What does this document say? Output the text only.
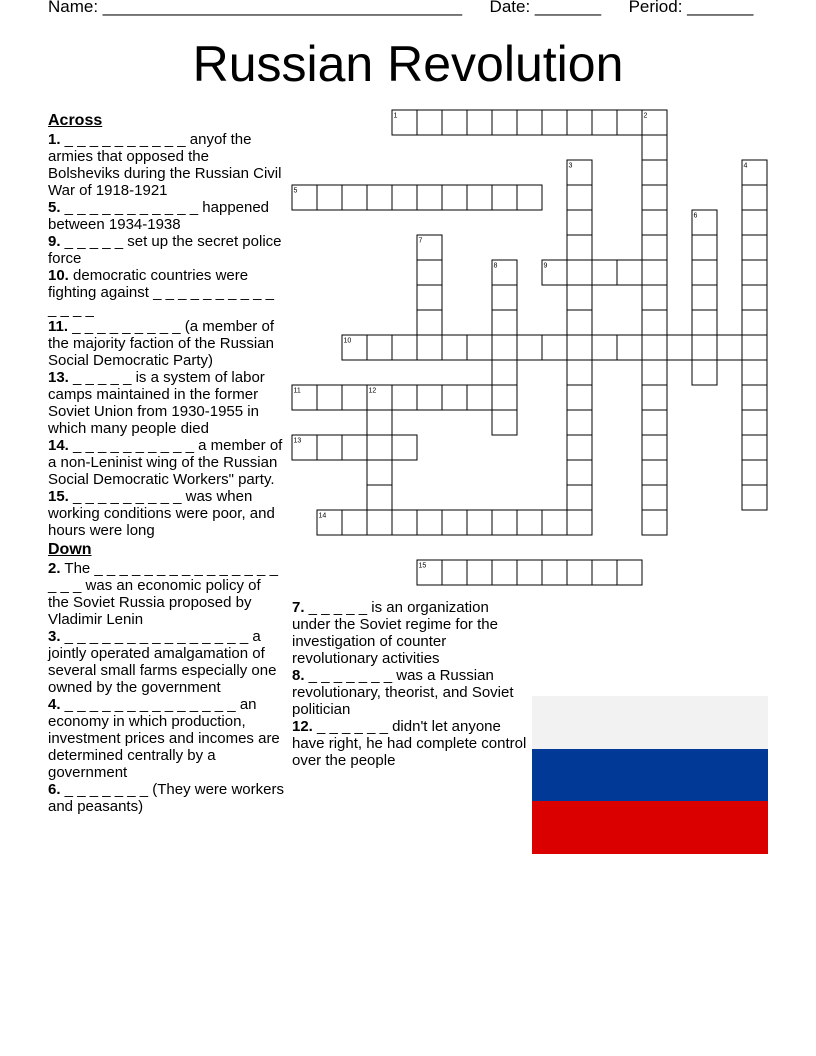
Name: ______________________________________ Date: _______ Period: _______
Russian Revolution
Across
1. _ _ _ _ _ _ _ _ _ _ anyof the armies that opposed the Bolsheviks during the Russian Civil War of 1918-1921
5. _ _ _ _ _ _ _ _ _ _ _ happened between 1934-1938
9. _ _ _ _ _ set up the secret police force
10. democratic countries were fighting against _ _ _ _ _ _ _ _ _ _ _ _ _ _
11. _ _ _ _ _ _ _ _ _ (a member of the majority faction of the Russian Social Democratic Party)
13. _ _ _ _ _ is a system of labor camps maintained in the former Soviet Union from 1930-1955 in which many people died
14. _ _ _ _ _ _ _ _ _ _ a member of a non-Leninist wing of the Russian Social Democratic Workers" party.
15. _ _ _ _ _ _ _ _ _ was when working conditions were poor, and hours were long
Down
2. The _ _ _ _ _ _ _ _ _ _ _ _ _ _ _ _ _ _ was an economic policy of the Soviet Russia proposed by Vladimir Lenin
3. _ _ _ _ _ _ _ _ _ _ _ _ _ _ _ a jointly operated amalgamation of several small farms especially one owned by the government
4. _ _ _ _ _ _ _ _ _ _ _ _ _ _ an economy in which production, investment prices and incomes are determined centrally by a government
6. _ _ _ _ _ _ _ (They were workers and peasants)
7. _ _ _ _ _ is an organization under the Soviet regime for the investigation of counter revolutionary activities
8. _ _ _ _ _ _ _ was a Russian revolutionary, theorist, and Soviet politician
12. _ _ _ _ _ _ didn't let anyone have right, he had complete control over the people
1	2
3	4
5
6
7
8	9
10
11	12
13
14
15
